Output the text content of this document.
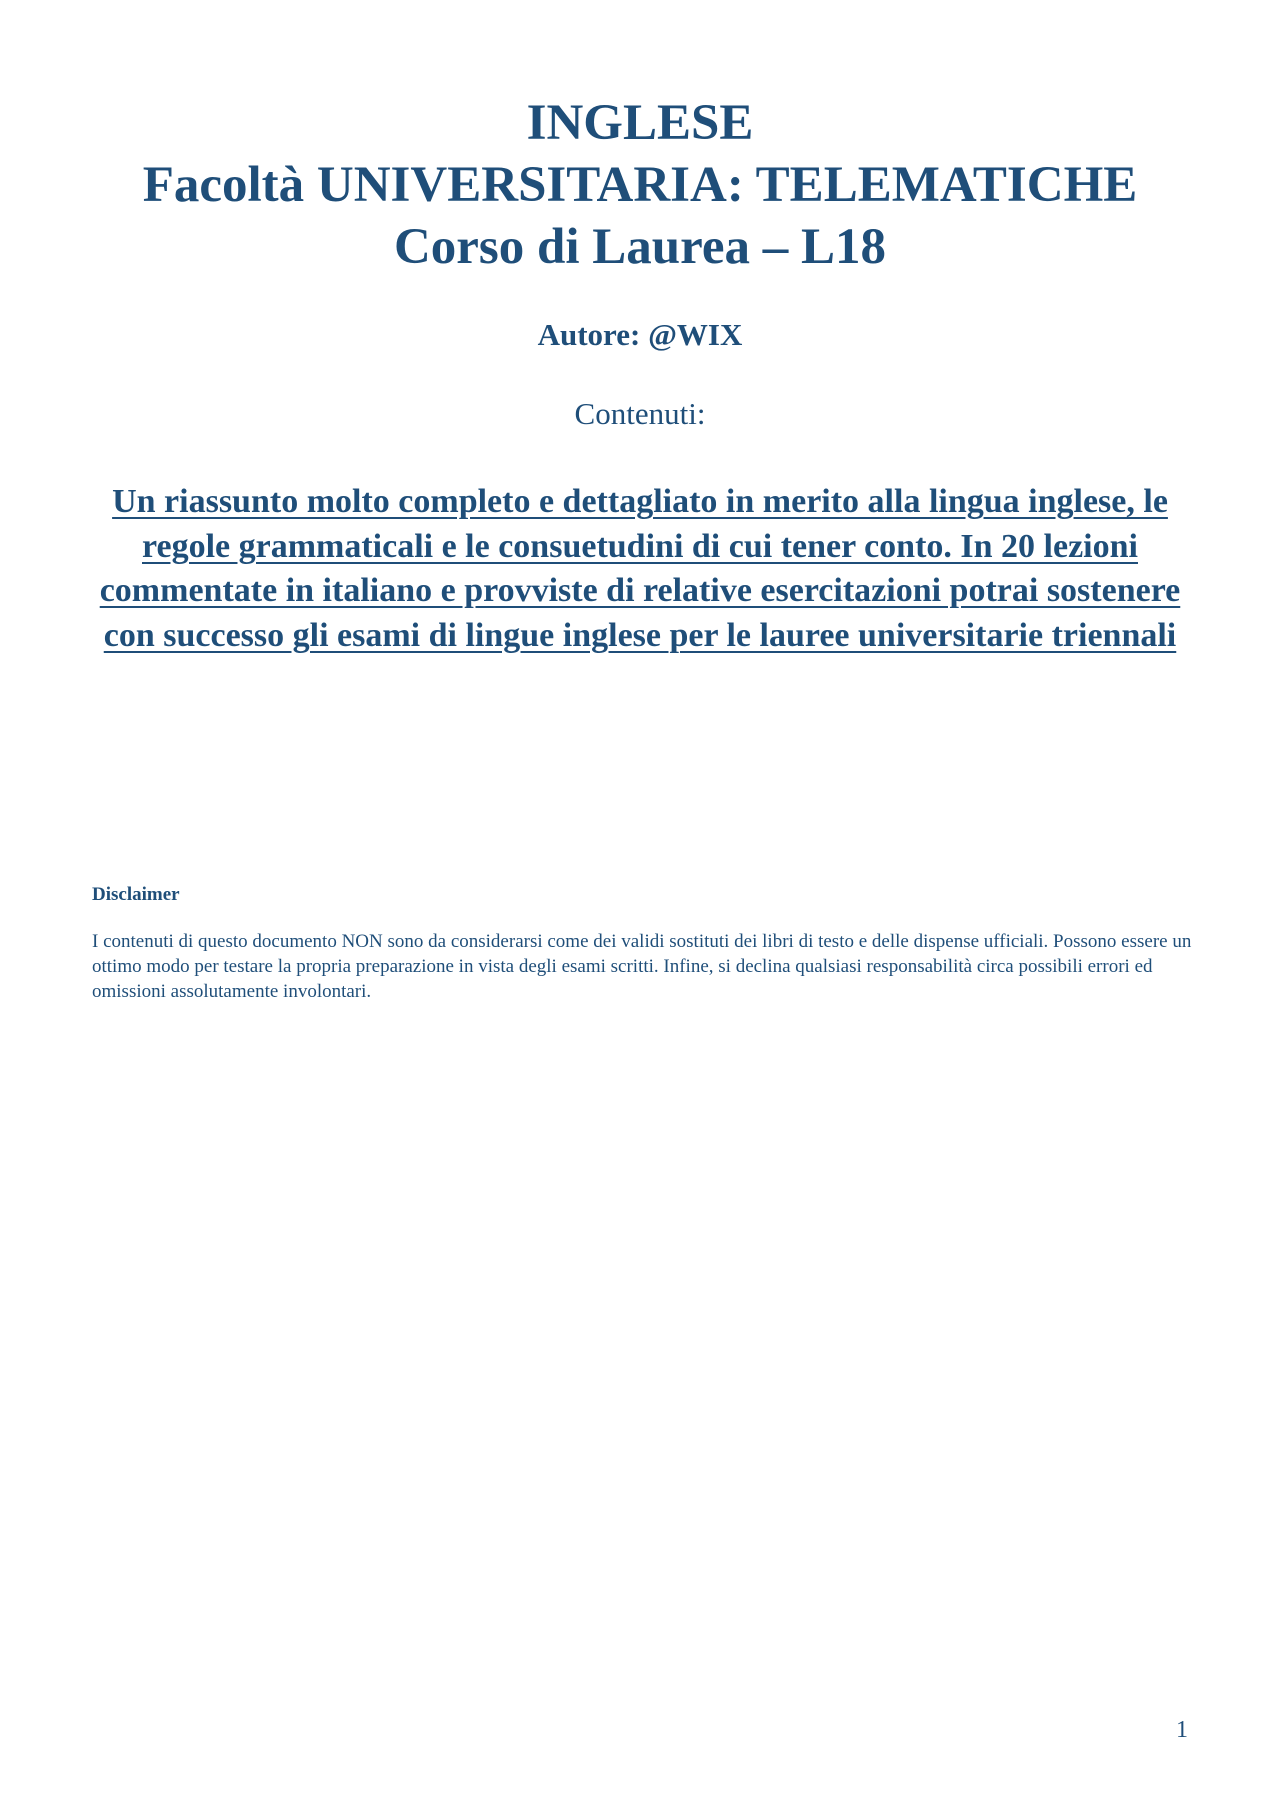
INGLESE
Facoltà UNIVERSITARIA: TELEMATICHE
Corso di Laurea – L18
Autore: @WIX
Contenuti:
Un riassunto molto completo e dettagliato in merito alla lingua inglese, le regole grammaticali e le consuetudini di cui tener conto. In 20 lezioni commentate in italiano e provviste di relative esercitazioni potrai sostenere con successo gli esami di lingue inglese per le lauree universitarie triennali
Disclaimer
I contenuti di questo documento NON sono da considerarsi come dei validi sostituti dei libri di testo e delle dispense ufficiali. Possono essere un ottimo modo per testare la propria preparazione in vista degli esami scritti. Infine, si declina qualsiasi responsabilità circa possibili errori ed omissioni assolutamente involontari.
1
